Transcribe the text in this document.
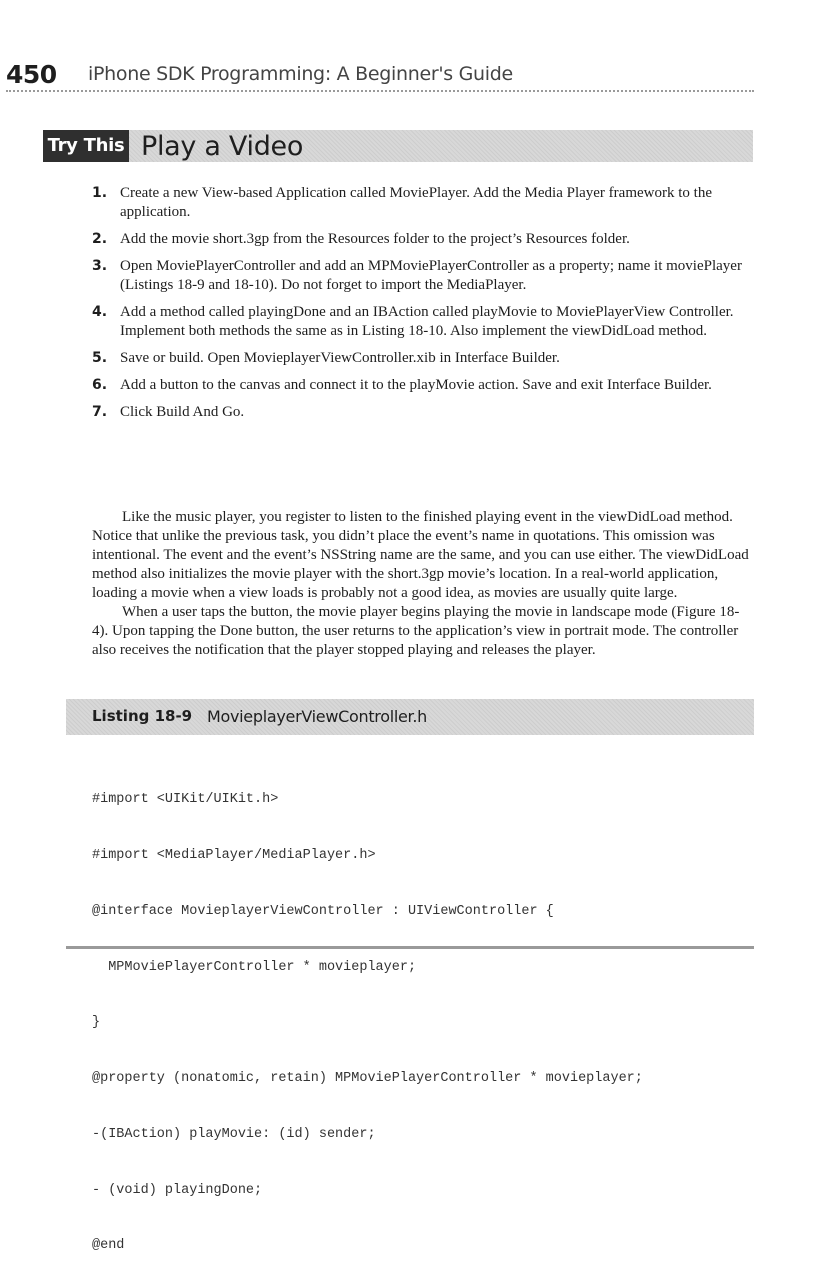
450 iPhone SDK Programming: A Beginner's Guide
Try This Play a Video
1. Create a new View-based Application called MoviePlayer. Add the Media Player framework to the application.
2. Add the movie short.3gp from the Resources folder to the project’s Resources folder.
3. Open MoviePlayerController and add an MPMoviePlayerController as a property; name it moviePlayer (Listings 18-9 and 18-10). Do not forget to import the MediaPlayer.
4. Add a method called playingDone and an IBAction called playMovie to MoviePlayerView Controller. Implement both methods the same as in Listing 18-10. Also implement the viewDidLoad method.
5. Save or build. Open MovieplayerViewController.xib in Interface Builder.
6. Add a button to the canvas and connect it to the playMovie action. Save and exit Interface Builder.
7. Click Build And Go.

Like the music player, you register to listen to the finished playing event in the viewDidLoad method. Notice that unlike the previous task, you didn’t place the event’s name in quotations. This omission was intentional. The event and the event’s NSString name are the same, and you can use either. The viewDidLoad method also initializes the movie player with the short.3gp movie’s location. In a real-world application, loading a movie when a view loads is probably not a good idea, as movies are usually quite large.

When a user taps the button, the movie player begins playing the movie in landscape mode (Figure 18-4). Upon tapping the Done button, the user returns to the application’s view in portrait mode. The controller also receives the notification that the player stopped playing and releases the player.

Listing 18-9 MovieplayerViewController.h

#import <UIKit/UIKit.h>

#import <MediaPlayer/MediaPlayer.h>

@interface MovieplayerViewController : UIViewController {

MPMoviePlayerController * movieplayer;

}

@property (nonatomic, retain) MPMoviePlayerController * movieplayer;

-(IBAction) playMovie: (id) sender;

- (void) playingDone;

@end
